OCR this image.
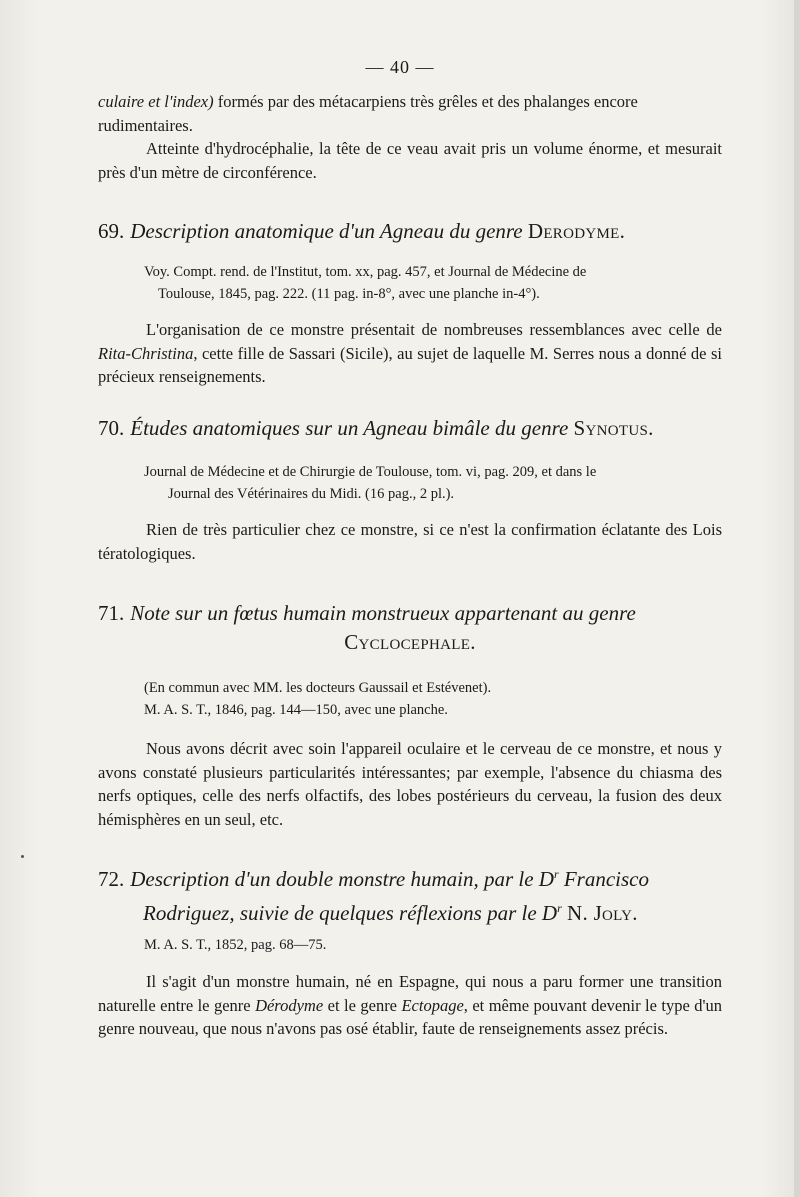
— 40 —

culaire et l'index) formés par des métacarpiens très grêles et des phalanges encore
rudimentaires.

Atteinte d'hydrocéphalie, la tête de ce veau avait pris un volume énorme, et mesurait près d'un mètre de circonférence.

69. Description anatomique d'un Agneau du genre Derodyme.

Voy. Compt. rend. de l'Institut, tom. xx, pag. 457, et Journal de Médecine de

Toulouse, 1845, pag. 222. (11 pag. in-8°, avec une planche in-4°).

L'organisation de ce monstre présentait de nombreuses ressemblances avec celle de Rita-Christina, cette fille de Sassari (Sicile), au sujet de laquelle M. Serres nous a donné de si précieux renseignements.

70. Études anatomiques sur un Agneau bimâle du genre Synotus.

Journal de Médecine et de Chirurgie de Toulouse, tom. vi, pag. 209, et dans le

Journal des Vétérinaires du Midi. (16 pag., 2 pl.).

Rien de très particulier chez ce monstre, si ce n'est la confirmation éclatante des Lois tératologiques.

71. Note sur un fœtus humain monstrueux appartenant au genre

Cyclocephale.

(En commun avec MM. les docteurs Gaussail et Estévenet).

M. A. S. T., 1846, pag. 144—150, avec une planche.

Nous avons décrit avec soin l'appareil oculaire et le cerveau de ce monstre, et nous y avons constaté plusieurs particularités intéressantes; par exemple, l'absence du chiasma des nerfs optiques, celle des nerfs olfactifs, des lobes postérieurs du cerveau, la fusion des deux hémisphères en un seul, etc.

72. Description d'un double monstre humain, par le $D^r$ Francisco

Rodriguez, suivie de quelques réflexions par le $D^r$ N. Joly.

M. A. S. T., 1852, pag. 68—75.

Il s'agit d'un monstre humain, né en Espagne, qui nous a paru former une transition naturelle entre le genre Dérodyme et le genre Ectopage, et même pouvant devenir le type d'un genre nouveau, que nous n'avons pas osé établir, faute de renseignements assez précis.
